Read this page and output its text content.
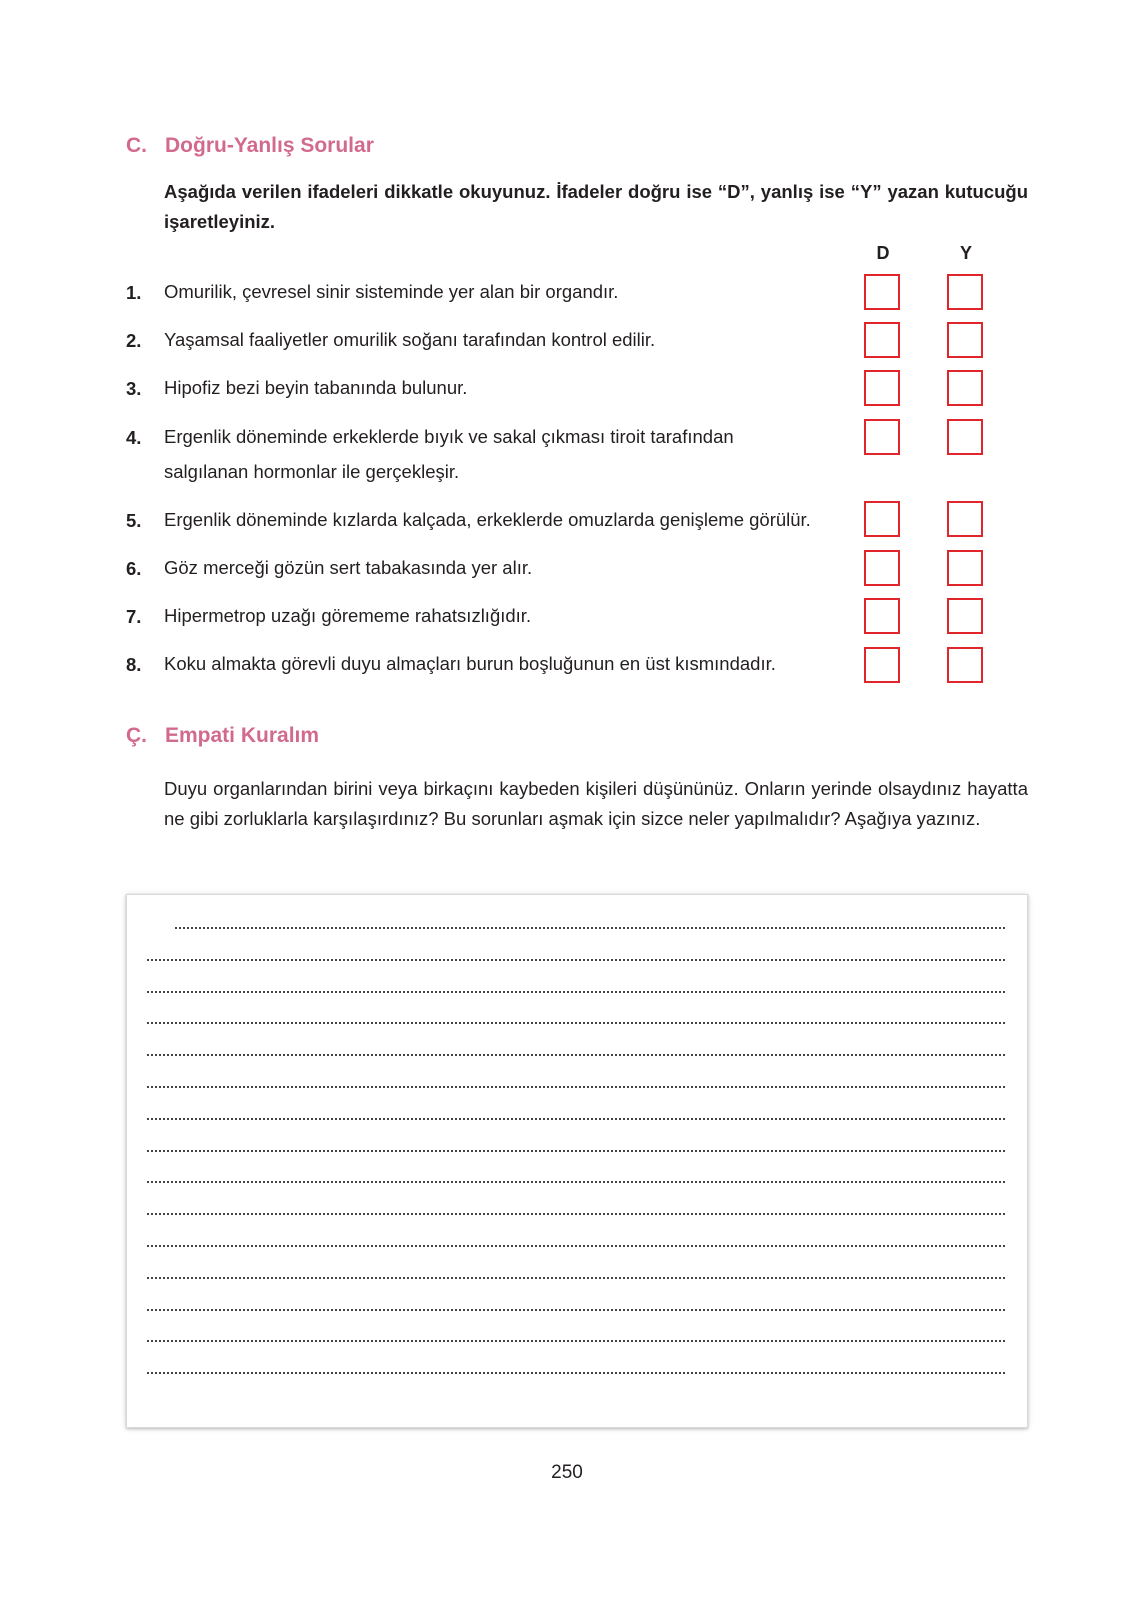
C. Doğru-Yanlış Sorular
Aşağıda verilen ifadeleri dikkatle okuyunuz. İfadeler doğru ise “D”, yanlış ise “Y” yazan kutucuğu işaretleyiniz.
D	Y
1. Omurilik, çevresel sinir sisteminde yer alan bir organdır.
2. Yaşamsal faaliyetler omurilik soğanı tarafından kontrol edilir.
3. Hipofiz bezi beyin tabanında bulunur.
4. Ergenlik döneminde erkeklerde bıyık ve sakal çıkması tiroit tarafından salgılanan hormonlar ile gerçekleşir.
5. Ergenlik döneminde kızlarda kalçada, erkeklerde omuzlarda genişleme görülür.
6. Göz merceği gözün sert tabakasında yer alır.
7. Hipermetrop uzağı görememe rahatsızlığıdır.
8. Koku almakta görevli duyu almaçları burun boşluğunun en üst kısmındadır.
Ç. Empati Kuralım
Duyu organlarından birini veya birkaçını kaybeden kişileri düşününüz. Onların yerinde olsaydınız hayatta ne gibi zorluklarla karşılaşırdınız? Bu sorunları aşmak için sizce neler yapılmalıdır? Aşağıya yazınız.
250
